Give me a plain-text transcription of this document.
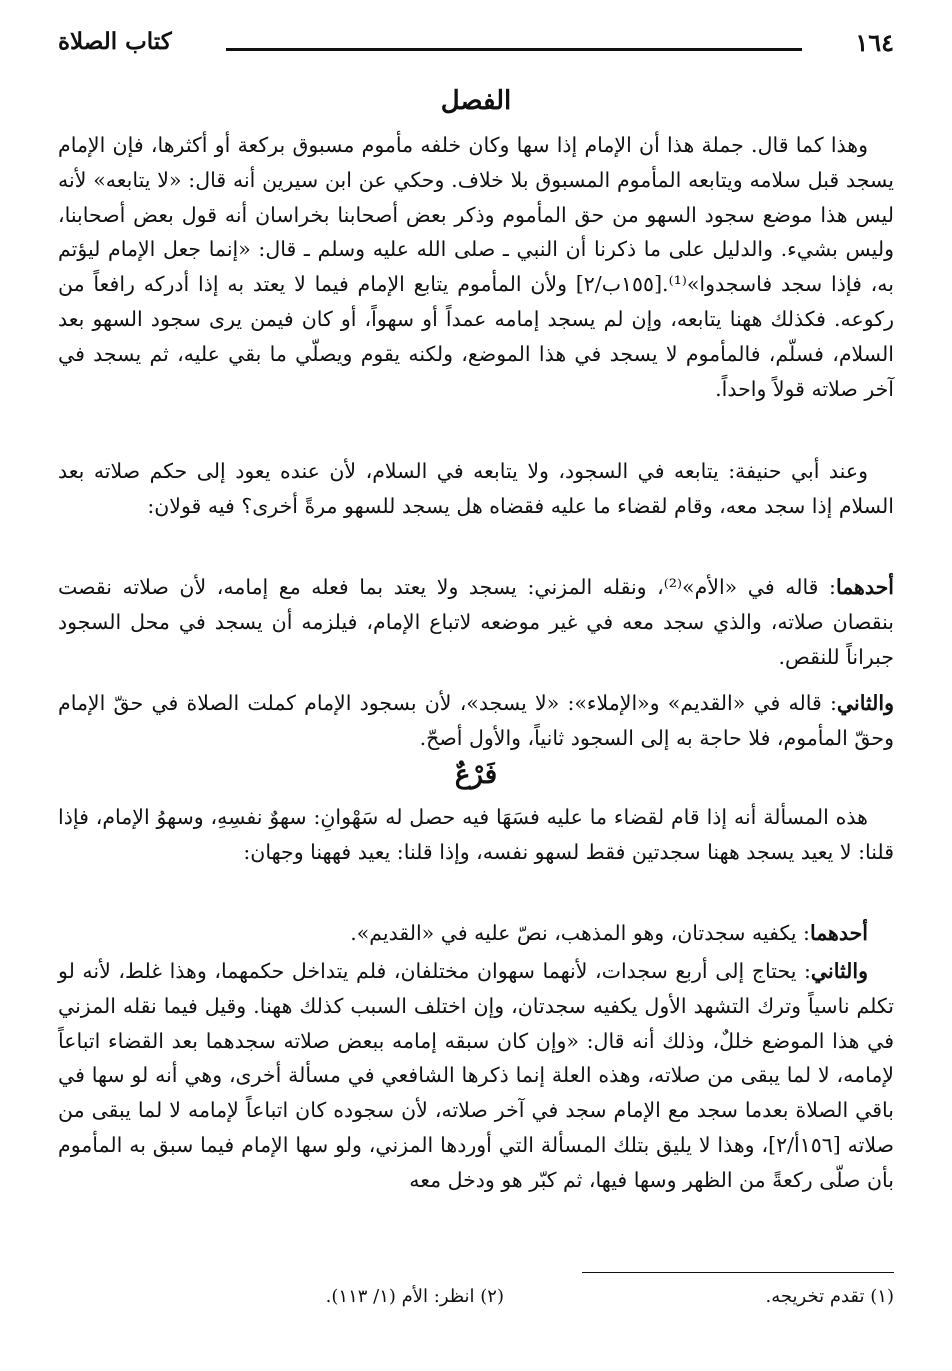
١٦٤
كتاب الصلاة
الفصل
وهذا كما قال. جملة هذا أن الإمام إذا سها وكان خلفه مأموم مسبوق بركعة أو أكثرها، فإن الإمام يسجد قبل سلامه ويتابعه المأموم المسبوق بلا خلاف. وحكي عن ابن سيرين أنه قال: «لا يتابعه» لأنه ليس هذا موضع سجود السهو من حق المأموم وذكر بعض أصحابنا بخراسان أنه قول بعض أصحابنا، وليس بشيء. والدليل على ما ذكرنا أن النبي ـ صلى الله عليه وسلم ـ قال: «إنما جعل الإمام ليؤتم به، فإذا سجد فاسجدوا»⁽¹⁾.[١٥٥ب/٢] ولأن المأموم يتابع الإمام فيما لا يعتد به إذا أدركه رافعاً من ركوعه. فكذلك ههنا يتابعه، وإن لم يسجد إمامه عمداً أو سهواً، أو كان فيمن يرى سجود السهو بعد السلام، فسلّم، فالمأموم لا يسجد في هذا الموضع، ولكنه يقوم ويصلّي ما بقي عليه، ثم يسجد في آخر صلاته قولاً واحداً.
وعند أبي حنيفة: يتابعه في السجود، ولا يتابعه في السلام، لأن عنده يعود إلى حكم صلاته بعد السلام إذا سجد معه، وقام لقضاء ما عليه فقضاه هل يسجد للسهو مرةً أخرى؟ فيه قولان:
أحدهما: قاله في «الأم»⁽²⁾، ونقله المزني: يسجد ولا يعتد بما فعله مع إمامه، لأن صلاته نقصت بنقصان صلاته، والذي سجد معه في غير موضعه لاتباع الإمام، فيلزمه أن يسجد في محل السجود جبراناً للنقص.
والثاني: قاله في «القديم» و«الإملاء»: «لا يسجد»، لأن بسجود الإمام كملت الصلاة في حقّ الإمام وحقّ المأموم، فلا حاجة به إلى السجود ثانياً، والأول أصحّ.
فَرْعٌ
هذه المسألة أنه إذا قام لقضاء ما عليه فسَهَا فيه حصل له سَهْوانِ: سهوٌ نفسِهِ، وسهوُ الإمام، فإذا قلنا: لا يعيد يسجد ههنا سجدتين فقط لسهو نفسه، وإذا قلنا: يعيد فههنا وجهان:
أحدهما: يكفيه سجدتان، وهو المذهب، نصّ عليه في «القديم».
والثاني: يحتاج إلى أربع سجدات، لأنهما سهوان مختلفان، فلم يتداخل حكمهما، وهذا غلط، لأنه لو تكلم ناسياً وترك التشهد الأول يكفيه سجدتان، وإن اختلف السبب كذلك ههنا. وقيل فيما نقله المزني في هذا الموضع خللٌ، وذلك أنه قال: «وإن كان سبقه إمامه ببعض صلاته سجدهما بعد القضاء اتباعاً لإمامه، لا لما يبقى من صلاته، وهذه العلة إنما ذكرها الشافعي في مسألة أخرى، وهي أنه لو سها في باقي الصلاة بعدما سجد مع الإمام سجد في آخر صلاته، لأن سجوده كان اتباعاً لإمامه لا لما يبقى من صلاته [١٥٦أ/٢]، وهذا لا يليق بتلك المسألة التي أوردها المزني، ولو سها الإمام فيما سبق به المأموم بأن صلّى ركعةً من الظهر وسها فيها، ثم كبّر هو ودخل معه
(١) تقدم تخريجه.
(٢) انظر: الأم (١/ ١١٣).
